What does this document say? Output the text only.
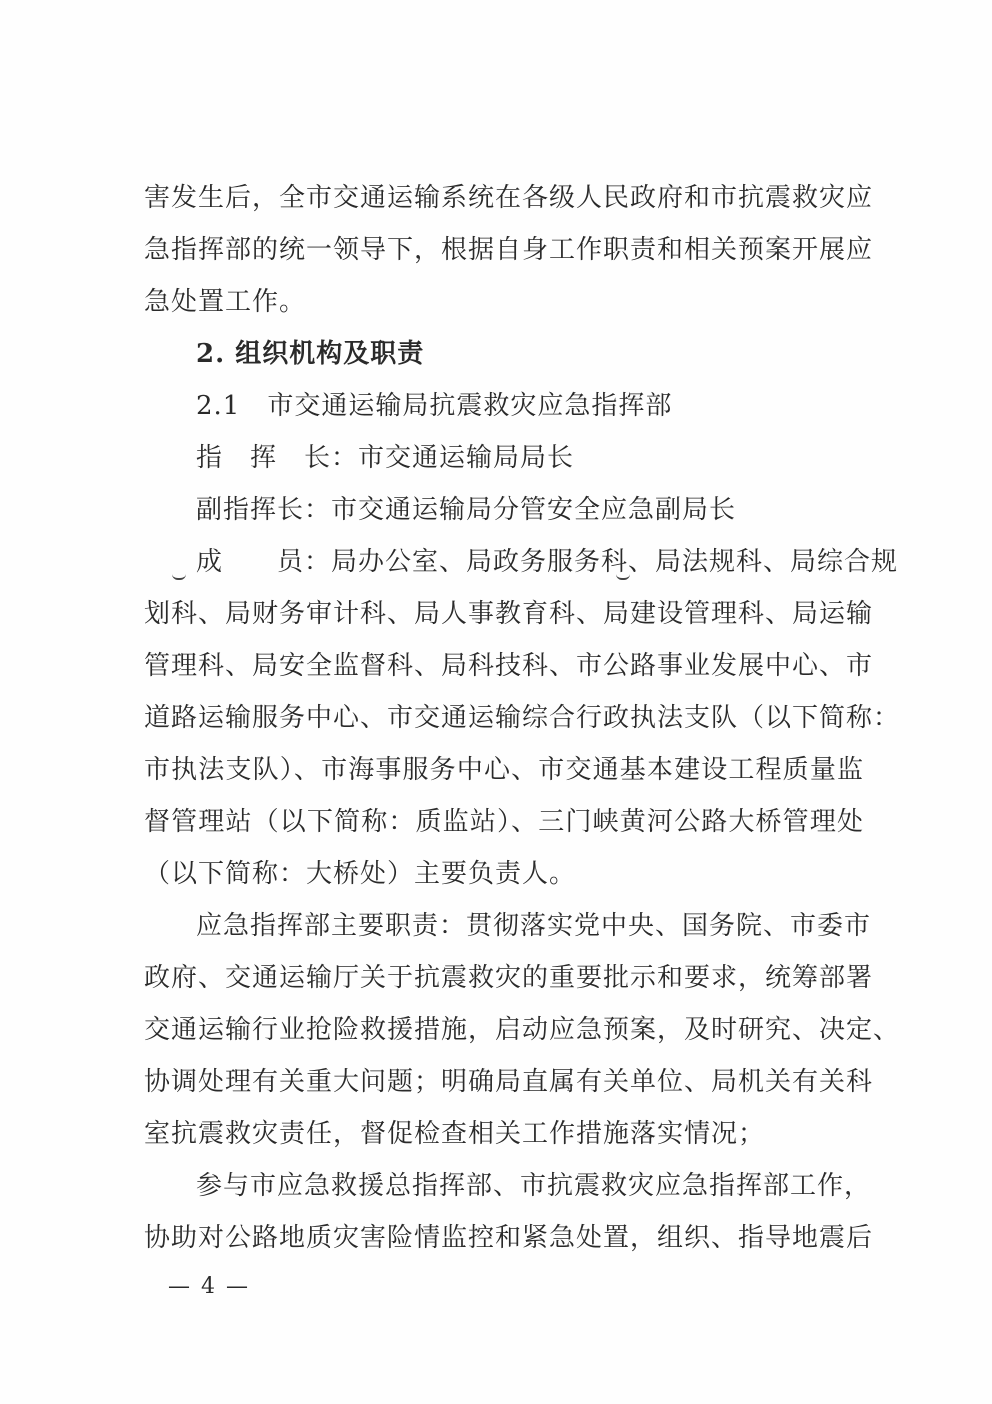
害发生后，全市交通运输系统在各级人民政府和市抗震救灾应
急指挥部的统一领导下，根据自身工作职责和相关预案开展应
急处置工作。
2. 组织机构及职责
2.1　市交通运输局抗震救灾应急指挥部
指　挥　长：市交通运输局局长
副指挥长：市交通运输局分管安全应急副局长
成　　员：局办公室、局政务服务科、局法规科、局综合规
划科、局财务审计科、局人事教育科、局建设管理科、局运输
管理科、局安全监督科、局科技科、市公路事业发展中心、市
道路运输服务中心、市交通运输综合行政执法支队（以下简称：
市执法支队）、市海事服务中心、市交通基本建设工程质量监
督管理站（以下简称：质监站）、三门峡黄河公路大桥管理处
（以下简称：大桥处）主要负责人。
应急指挥部主要职责：贯彻落实党中央、国务院、市委市
政府、交通运输厅关于抗震救灾的重要批示和要求，统筹部署
交通运输行业抢险救援措施，启动应急预案，及时研究、决定、
协调处理有关重大问题；明确局直属有关单位、局机关有关科
室抗震救灾责任，督促检查相关工作措施落实情况；
参与市应急救援总指挥部、市抗震救灾应急指挥部工作，
协助对公路地质灾害险情监控和紧急处置，组织、指导地震后
— 4 —
